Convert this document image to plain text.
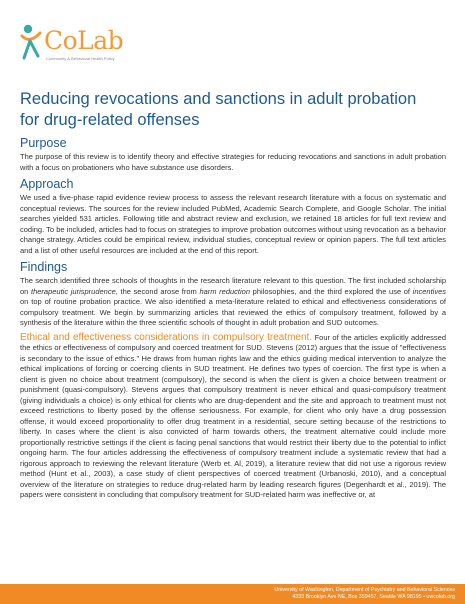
CoLab
Community & Behavioral Health Policy
Reducing revocations and sanctions in adult probation for drug-related offenses
Purpose

The purpose of this review is to identify theory and effective strategies for reducing revocations and sanctions in adult probation with a focus on probationers who have substance use disorders.

Approach

We used a five-phase rapid evidence review process to assess the relevant research literature with a focus on systematic and conceptual reviews. The sources for the review included PubMed, Academic Search Complete, and Google Scholar. The initial searches yielded 531 articles. Following title and abstract review and exclusion, we retained 18 articles for full text review and coding. To be included, articles had to focus on strategies to improve probation outcomes without using revocation as a behavior change strategy. Articles could be empirical review, individual studies, conceptual review or opinion papers. The full text articles and a list of other useful resources are included at the end of this report.

Findings

The search identified three schools of thoughts in the research literature relevant to this question. The first included scholarship on therapeutic jurisprudence, the second arose from harm reduction philosophies, and the third explored the use of incentives on top of routine probation practice. We also identified a meta-literature related to ethical and effectiveness considerations of compulsory treatment. We begin by summarizing articles that reviewed the ethics of compulsory treatment, followed by a synthesis of the literature within the three scientific schools of thought in adult probation and SUD outcomes.

Ethical and effectiveness considerations in compulsory treatment. Four of the articles explicitly addressed the ethics or effectiveness of compulsory and coerced treatment for SUD. Stevens (2012) argues that the issue of "effectiveness is secondary to the issue of ethics." He draws from human rights law and the ethics guiding medical intervention to analyze the ethical implications of forcing or coercing clients in SUD treatment. He defines two types of coercion. The first type is when a client is given no choice about treatment (compulsory), the second is when the client is given a choice between treatment or punishment (quasi-compulsory). Stevens argues that compulsory treatment is never ethical and quasi-compulsory treatment (giving individuals a choice) is only ethical for clients who are drug-dependent and the site and approach to treatment must not exceed restrictions to liberty posed by the offense seriousness. For example, for client who only have a drug possession offense, it would exceed proportionality to offer drug treatment in a residential, secure setting because of the restrictions to liberty. In cases where the client is also convicted of harm towards others, the treatment alternative could include more proportionally restrictive settings if the client is facing penal sanctions that would restrict their liberty due to the potential to inflict ongoing harm. The four articles addressing the effectiveness of compulsory treatment include a systematic review that had a rigorous approach to reviewing the relevant literature (Werb et. Al, 2019), a literature review that did not use a rigorous review method (Hunt et al., 2003), a case study of client perspectives of coerced treatment (Urbanoski, 2010), and a conceptual overview of the literature on strategies to reduce drug-related harm by leading research figures (Degenhardt et al., 2019). The papers were consistent in concluding that compulsory treatment for SUD-related harm was ineffective or, at

University of Washington, Department of Psychiatry and Behavioral Sciences
4333 Brooklyn Ave NE, Box 359457, Seattle WA 98195 • uwcolab.org
